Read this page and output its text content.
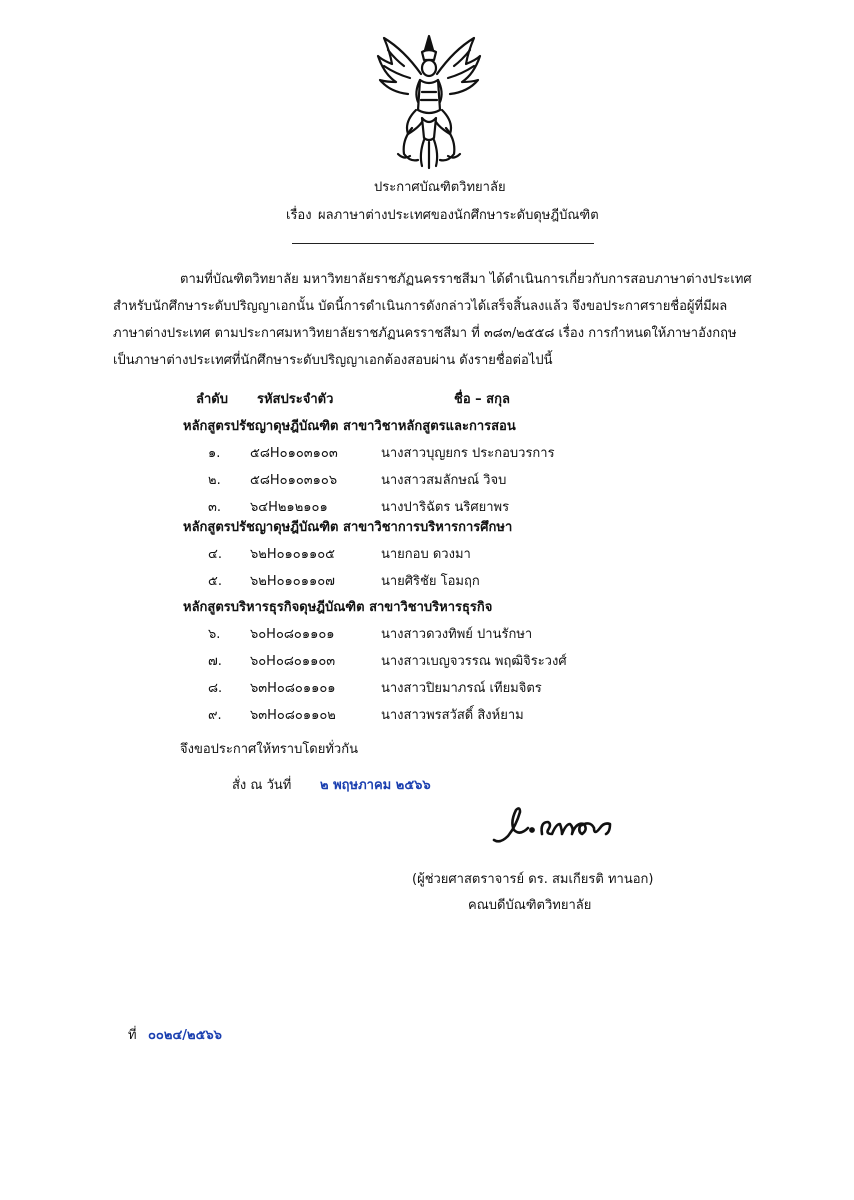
ประกาศบัณฑิตวิทยาลัย
เรื่อง ผลภาษาต่างประเทศของนักศึกษาระดับดุษฎีบัณฑิต
ตามที่บัณฑิตวิทยาลัย มหาวิทยาลัยราชภัฏนครราชสีมา ได้ดำเนินการเกี่ยวกับการสอบภาษาต่างประเทศ
สำหรับนักศึกษาระดับปริญญาเอกนั้น บัดนี้การดำเนินการดังกล่าวได้เสร็จสิ้นลงแล้ว จึงขอประกาศรายชื่อผู้ที่มีผล
ภาษาต่างประเทศ ตามประกาศมหาวิทยาลัยราชภัฏนครราชสีมา ที่ ๓๘๓/๒๕๕๘ เรื่อง การกำหนดให้ภาษาอังกฤษ
เป็นภาษาต่างประเทศที่นักศึกษาระดับปริญญาเอกต้องสอบผ่าน ดังรายชื่อต่อไปนี้
ลำดับ รหัสประจำตัว	ชื่อ – สกุล
หลักสูตรปรัชญาดุษฎีบัณฑิต สาขาวิชาหลักสูตรและการสอน
๑. ๕๘H๐๑๐๓๑๐๓	นางสาวบุญยกร ประกอบวรการ
๒. ๕๘H๐๑๐๓๑๐๖	นางสาวสมลักษณ์ วิจบ
๓. ๖๔H๒๑๒๑๐๑	นางปาริฉัตร นริศยาพร
หลักสูตรปรัชญาดุษฎีบัณฑิต สาขาวิชาการบริหารการศึกษา
๔. ๖๒H๐๑๐๑๑๐๕	นายกอบ ดวงมา
๕. ๖๒H๐๑๐๑๑๐๗	นายศิริชัย โอมฤก
หลักสูตรบริหารธุรกิจดุษฎีบัณฑิต สาขาวิชาบริหารธุรกิจ
๖. ๖๐H๐๘๐๑๑๐๑	นางสาวดวงทิพย์ ปานรักษา
๗. ๖๐H๐๘๐๑๑๐๓	นางสาวเบญจวรรณ พฤฒิจิระวงศ์
๘. ๖๓H๐๘๐๑๑๐๑	นางสาวปิยมาภรณ์ เทียมจิตร
๙. ๖๓H๐๘๐๑๑๐๒	นางสาวพรสวัสดิ์ สิงห์ยาม
จึงขอประกาศให้ทราบโดยทั่วกัน
สั่ง ณ วันที่ ๒ พฤษภาคม ๒๕๖๖
(ผู้ช่วยศาสตราจารย์ ดร. สมเกียรติ ทานอก)
คณบดีบัณฑิตวิทยาลัย
ที่ ๐๐๒๔/๒๕๖๖
